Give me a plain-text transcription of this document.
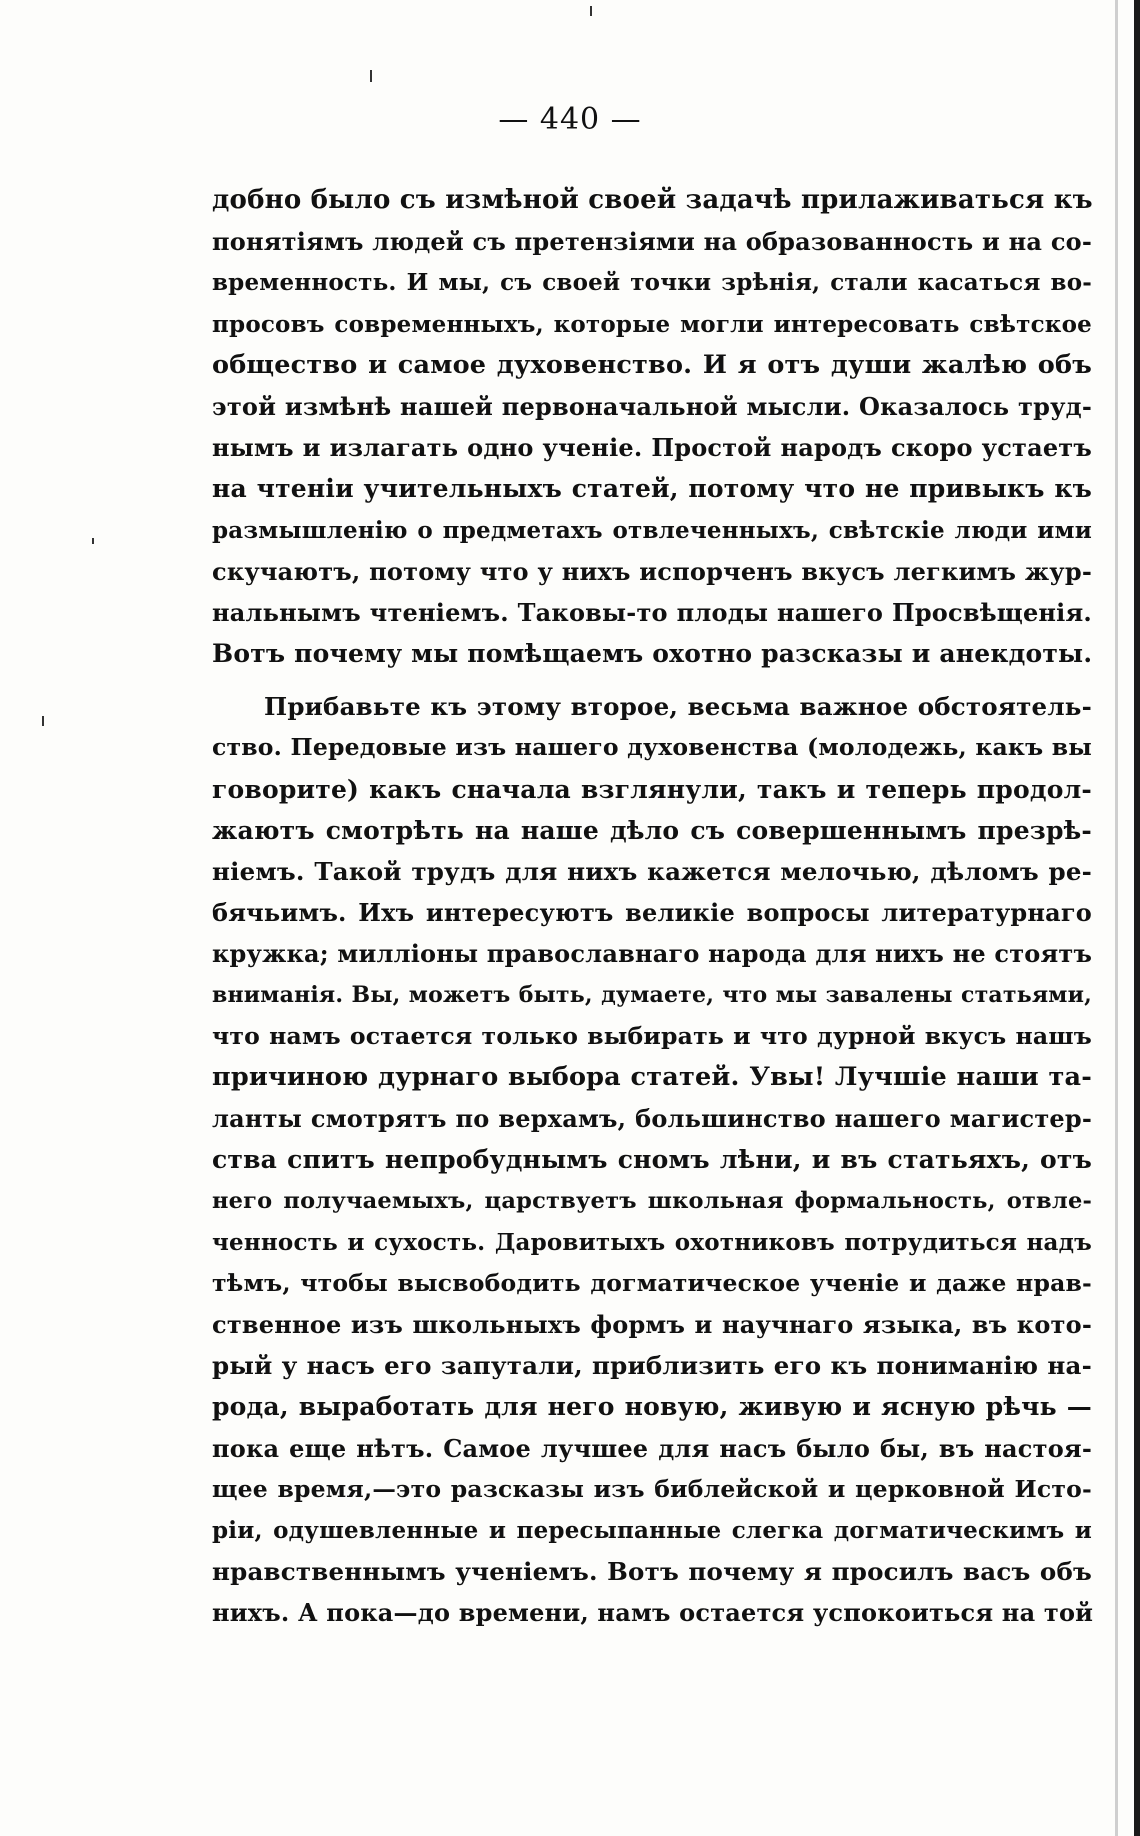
— 440 —
добно было съ измѣной своей задачѣ прилаживаться къ
понятіямъ людей съ претензіями на образованность и на со-
временность. И мы, съ своей точки зрѣнія, стали касаться во-
просовъ современныхъ, которые могли интересовать свѣтское
общество и самое духовенство. И я отъ души жалѣю объ
этой измѣнѣ нашей первоначальной мысли. Оказалось труд-
нымъ и излагать одно ученіе. Простой народъ скоро устаетъ
на чтеніи учительныхъ статей, потому что не привыкъ къ
размышленію о предметахъ отвлеченныхъ, свѣтскіе люди ими
скучаютъ, потому что у нихъ испорченъ вкусъ легкимъ жур-
нальнымъ чтеніемъ. Таковы-то плоды нашего Просвѣщенія.
Вотъ почему мы помѣщаемъ охотно разсказы и анекдоты.
Прибавьте къ этому второе, весьма важное обстоятель-
ство. Передовые изъ нашего духовенства (молодежь, какъ вы
говорите) какъ сначала взглянули, такъ и теперь продол-
жаютъ смотрѣть на наше дѣло съ совершеннымъ презрѣ-
ніемъ. Такой трудъ для нихъ кажется мелочью, дѣломъ ре-
бячьимъ. Ихъ интересуютъ великіе вопросы литературнаго
кружка; милліоны православнаго народа для нихъ не стоятъ
вниманія. Вы, можетъ быть, думаете, что мы завалены статьями,
что намъ остается только выбирать и что дурной вкусъ нашъ
причиною дурнаго выбора статей. Увы! Лучшіе наши та-
ланты смотрятъ по верхамъ, большинство нашего магистер-
ства спитъ непробуднымъ сномъ лѣни, и въ статьяхъ, отъ
него получаемыхъ, царствуетъ школьная формальность, отвле-
ченность и сухость. Даровитыхъ охотниковъ потрудиться надъ
тѣмъ, чтобы высвободить догматическое ученіе и даже нрав-
ственное изъ школьныхъ формъ и научнаго языка, въ кото-
рый у насъ его запутали, приблизить его къ пониманію на-
рода, выработать для него новую, живую и ясную рѣчь —
пока еще нѣтъ. Самое лучшее для насъ было бы, въ настоя-
щее время,—это разсказы изъ библейской и церковной Исто-
ріи, одушевленные и пересыпанные слегка догматическимъ и
нравственнымъ ученіемъ. Вотъ почему я просилъ васъ объ
нихъ. А пока—до времени, намъ остается успокоиться на той
